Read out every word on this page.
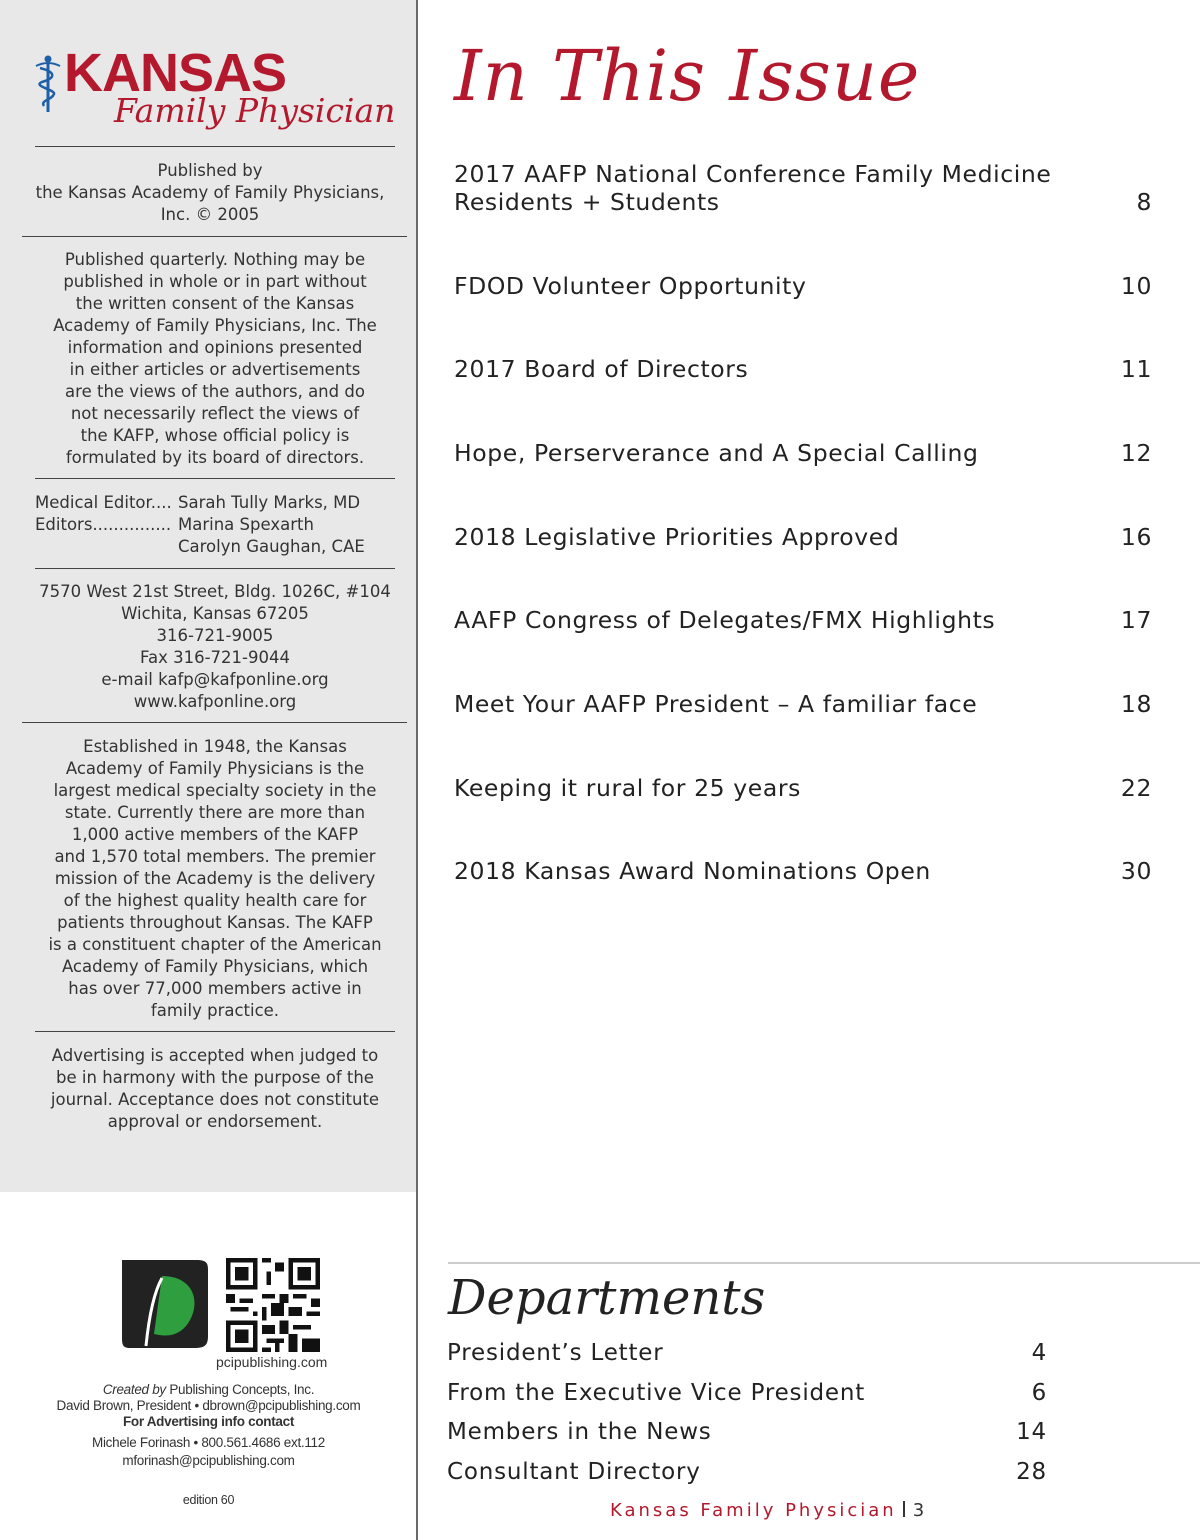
KANSAS
Family Physician

Published by

the Kansas Academy of Family Physicians,

Inc. © 2005

Published quarterly. Nothing may be

published in whole or in part without

the written consent of the Kansas

Academy of Family Physicians, Inc. The

information and opinions presented

in either articles or advertisements

are the views of the authors, and do

not necessarily reflect the views of

the KAFP, whose official policy is

formulated by its board of directors.

Medical Editor.... Sarah Tully Marks, MD
Editors............... Marina Spexarth
Carolyn Gaughan, CAE

7570 West 21st Street, Bldg. 1026C, #104

Wichita, Kansas 67205

316-721-9005

Fax 316-721-9044

e-mail kafp@kafponline.org

www.kafponline.org

Established in 1948, the Kansas

Academy of Family Physicians is the

largest medical specialty society in the

state. Currently there are more than

1,000 active members of the KAFP

and 1,570 total members. The premier

mission of the Academy is the delivery

of the highest quality health care for

patients throughout Kansas. The KAFP

is a constituent chapter of the American

Academy of Family Physicians, which

has over 77,000 members active in

family practice.

Advertising is accepted when judged to

be in harmony with the purpose of the

journal. Acceptance does not constitute

approval or endorsement.

pcipublishing.com
Created by Publishing Concepts, Inc.
David Brown, President • dbrown@pcipublishing.com
For Advertising info contact
Michele Forinash • 800.561.4686 ext.112
mforinash@pcipublishing.com
edition 60
In This Issue
2017 AAFP National Conference Family Medicine Residents + Students	8
FDOD Volunteer Opportunity	10
2017 Board of Directors	11
Hope, Perserverance and A Special Calling	12
2018 Legislative Priorities Approved	16
AAFP Congress of Delegates/FMX Highlights	17
Meet Your AAFP President – A familiar face	18
Keeping it rural for 25 years	22
2018 Kansas Award Nominations Open	30
Departments
President’s Letter	4
From the Executive Vice President	6
Members in the News	14
Consultant Directory	28
Kansas Family Physician 3
